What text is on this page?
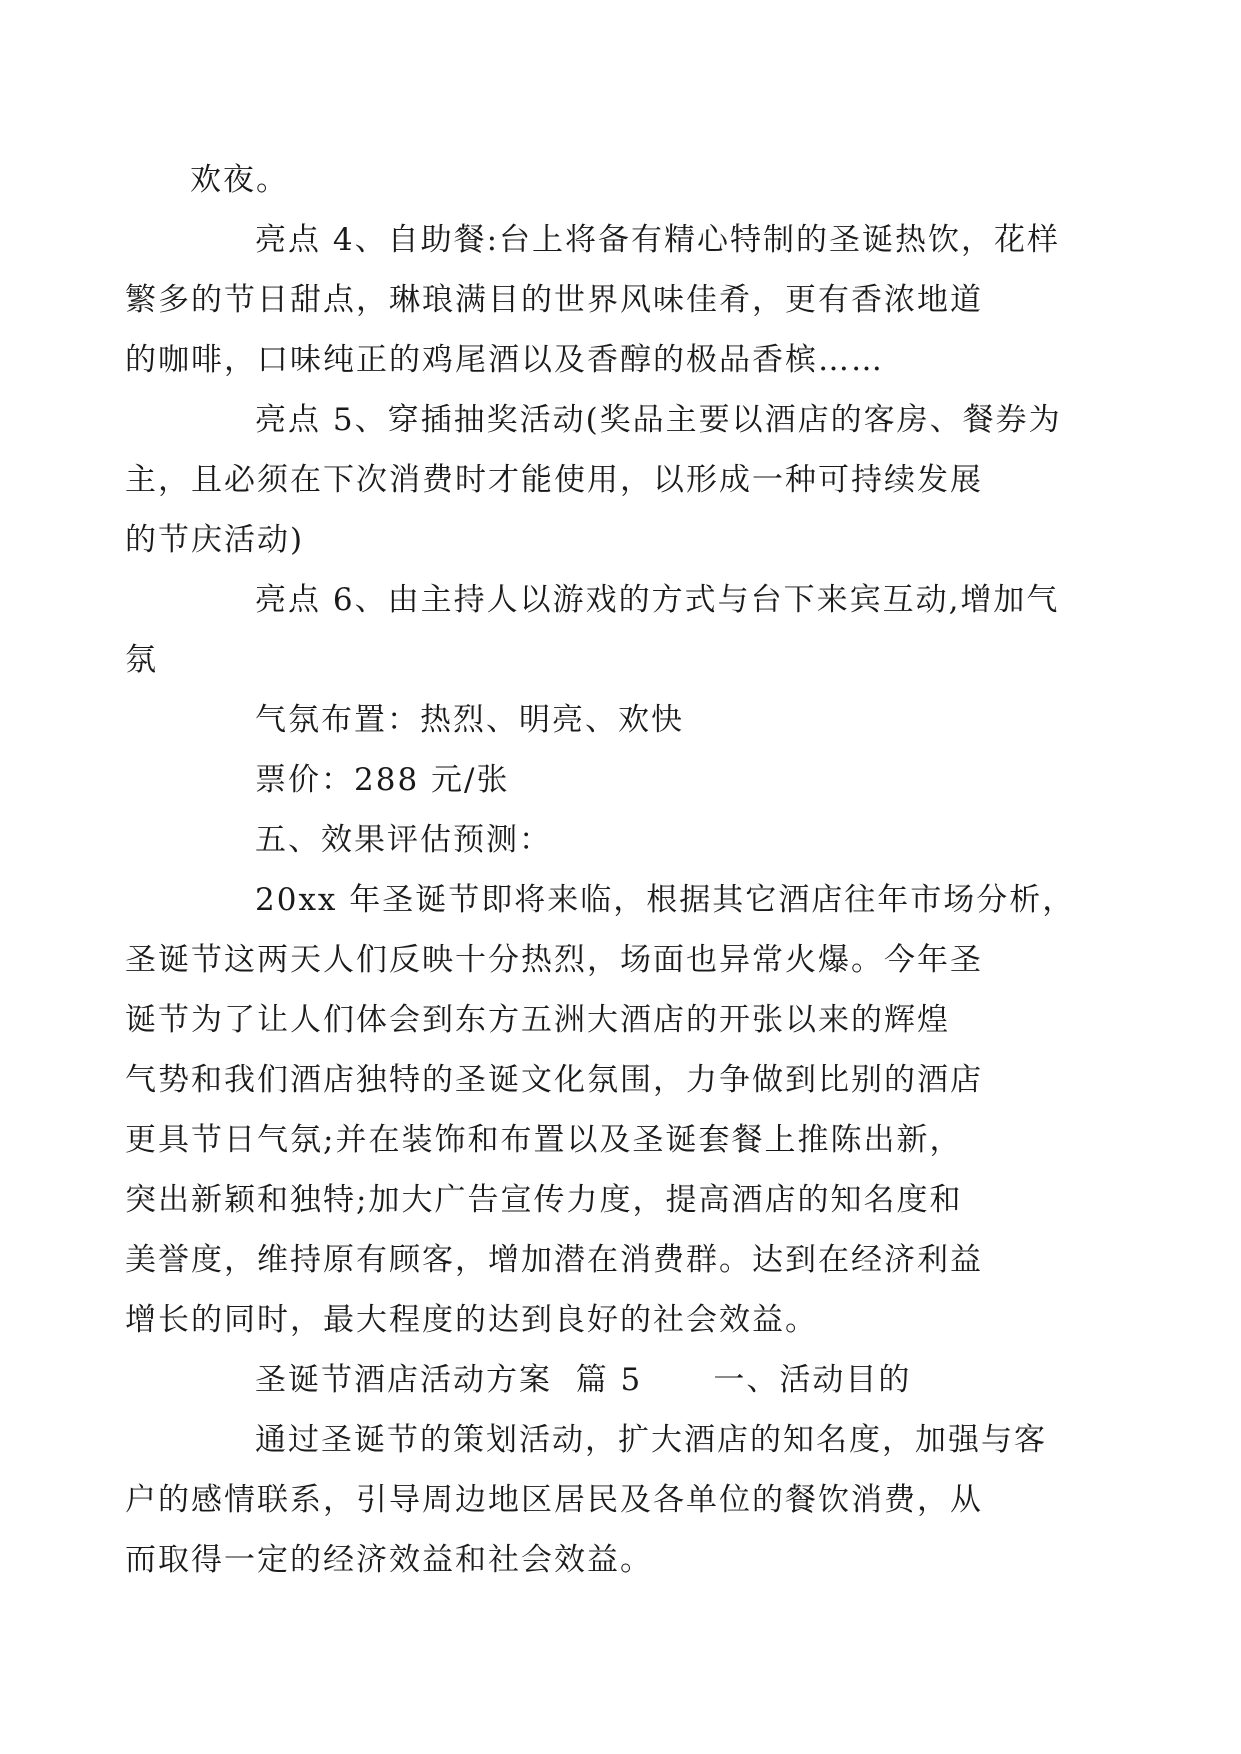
欢夜。
亮点 4、自助餐:台上将备有精心特制的圣诞热饮，花样
繁多的节日甜点，琳琅满目的世界风味佳肴，更有香浓地道
的咖啡，口味纯正的鸡尾酒以及香醇的极品香槟……
亮点 5、穿插抽奖活动(奖品主要以酒店的客房、餐券为
主，且必须在下次消费时才能使用，以形成一种可持续发展
的节庆活动)
亮点 6、由主持人以游戏的方式与台下来宾互动,增加气
氛
气氛布置：热烈、明亮、欢快
票价：288 元/张
五、效果评估预测：
20xx 年圣诞节即将来临，根据其它酒店往年市场分析，
圣诞节这两天人们反映十分热烈，场面也异常火爆。今年圣
诞节为了让人们体会到东方五洲大酒店的开张以来的辉煌
气势和我们酒店独特的圣诞文化氛围，力争做到比别的酒店
更具节日气氛;并在装饰和布置以及圣诞套餐上推陈出新，
突出新颖和独特;加大广告宣传力度，提高酒店的知名度和
美誉度，维持原有顾客，增加潜在消费群。达到在经济利益
增长的同时，最大程度的达到良好的社会效益。
圣诞节酒店活动方案  篇 5      一、活动目的
通过圣诞节的策划活动，扩大酒店的知名度，加强与客
户的感情联系，引导周边地区居民及各单位的餐饮消费，从
而取得一定的经济效益和社会效益。
